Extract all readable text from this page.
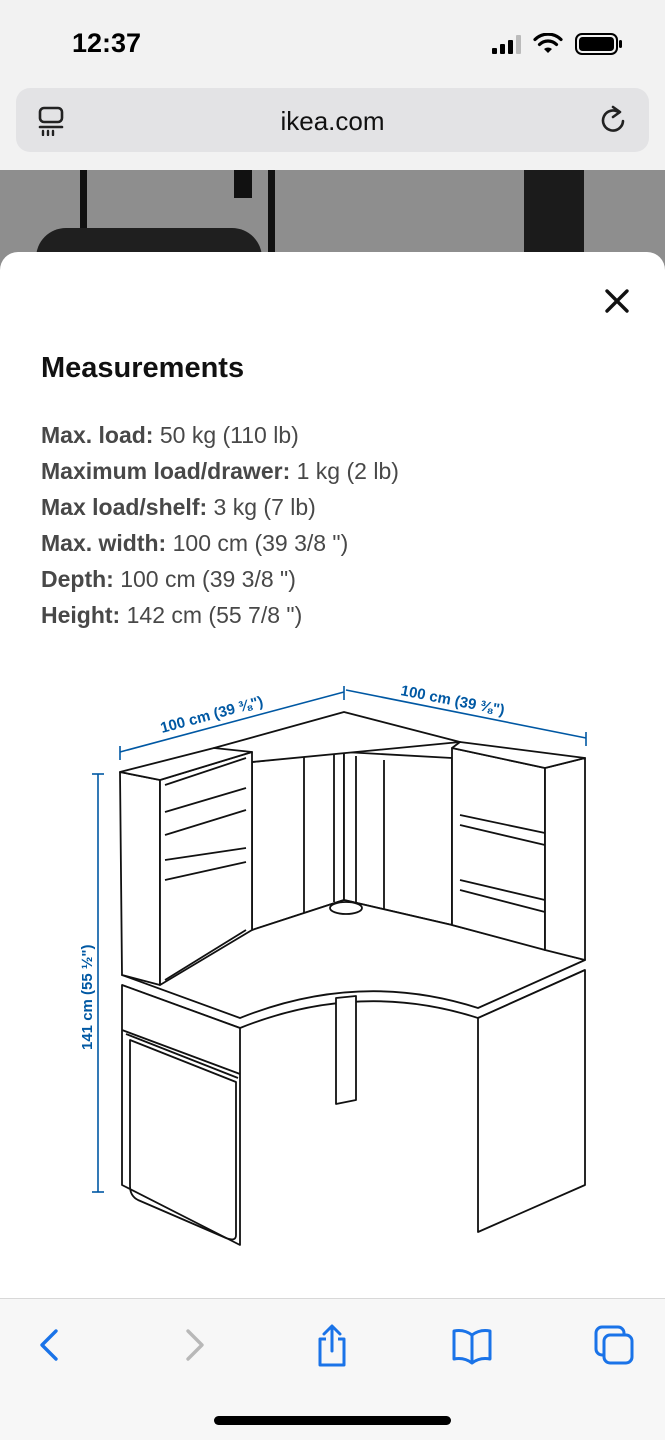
12:37
ikea.com
Measurements
Max. load: 50 kg (110 lb)
Maximum load/drawer: 1 kg (2 lb)
Max load/shelf: 3 kg (7 lb)
Max. width: 100 cm (39 3/8 ")
Depth: 100 cm (39 3/8 ")
Height: 142 cm (55 7/8 ")
100 cm (39 ⅜")	100 cm (39 ⅜")
141 cm (55 ½")
